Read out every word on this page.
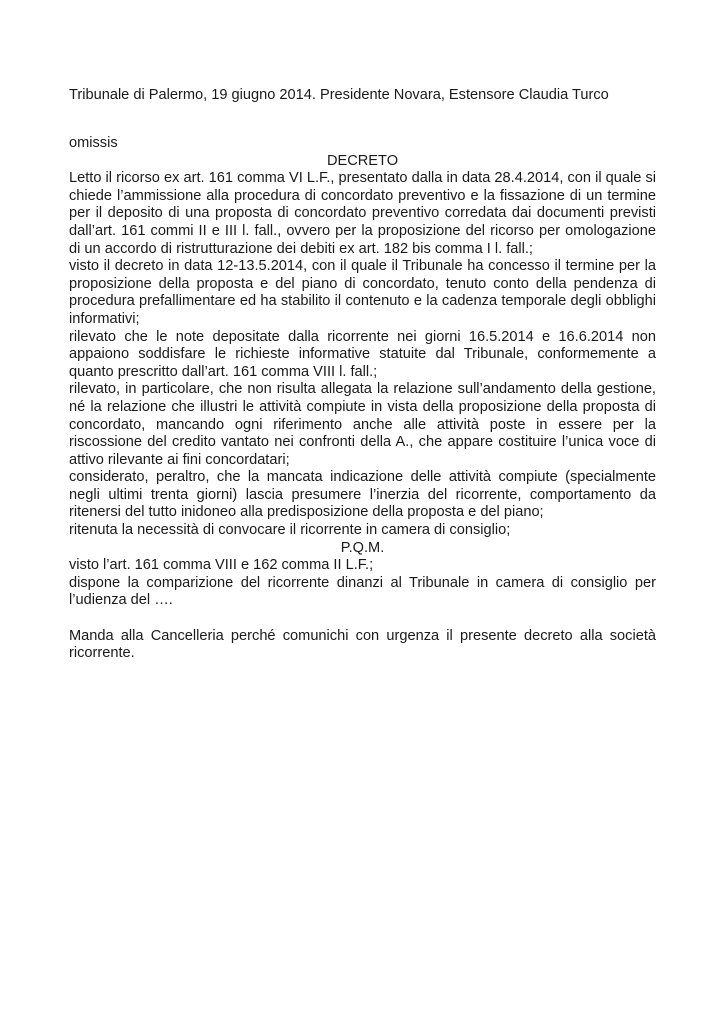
Tribunale di Palermo, 19 giugno 2014. Presidente Novara, Estensore Claudia Turco

omissis

DECRETO

Letto il ricorso ex art. 161 comma VI L.F., presentato dalla in data 28.4.2014, con il quale si chiede l’ammissione alla procedura di concordato preventivo e la fissazione di un termine per il deposito di una proposta di concordato preventivo corredata dai documenti previsti dall’art. 161 commi II e III l. fall., ovvero per la proposizione del ricorso per omologazione di un accordo di ristrutturazione dei debiti ex art. 182 bis comma I l. fall.;

visto il decreto in data 12-13.5.2014, con il quale il Tribunale ha concesso il termine per la proposizione della proposta e del piano di concordato, tenuto conto della pendenza di procedura prefallimentare ed ha stabilito il contenuto e la cadenza temporale degli obblighi informativi;

rilevato che le note depositate dalla ricorrente nei giorni 16.5.2014 e 16.6.2014 non appaiono soddisfare le richieste informative statuite dal Tribunale, conformemente a quanto prescritto dall’art. 161 comma VIII l. fall.;

rilevato, in particolare, che non risulta allegata la relazione sull’andamento della gestione, né la relazione che illustri le attività compiute in vista della proposizione della proposta di concordato, mancando ogni riferimento anche alle attività poste in essere per la riscossione del credito vantato nei confronti della A., che appare costituire l’unica voce di attivo rilevante ai fini concordatari;

considerato, peraltro, che la mancata indicazione delle attività compiute (specialmente negli ultimi trenta giorni) lascia presumere l’inerzia del ricorrente, comportamento da ritenersi del tutto inidoneo alla predisposizione della proposta e del piano;

ritenuta la necessità di convocare il ricorrente in camera di consiglio;

P.Q.M.

visto l’art. 161 comma VIII e 162 comma II L.F.;

dispone la comparizione del ricorrente dinanzi al Tribunale in camera di consiglio per l’udienza del ….

Manda alla Cancelleria perché comunichi con urgenza il presente decreto alla società ricorrente.
